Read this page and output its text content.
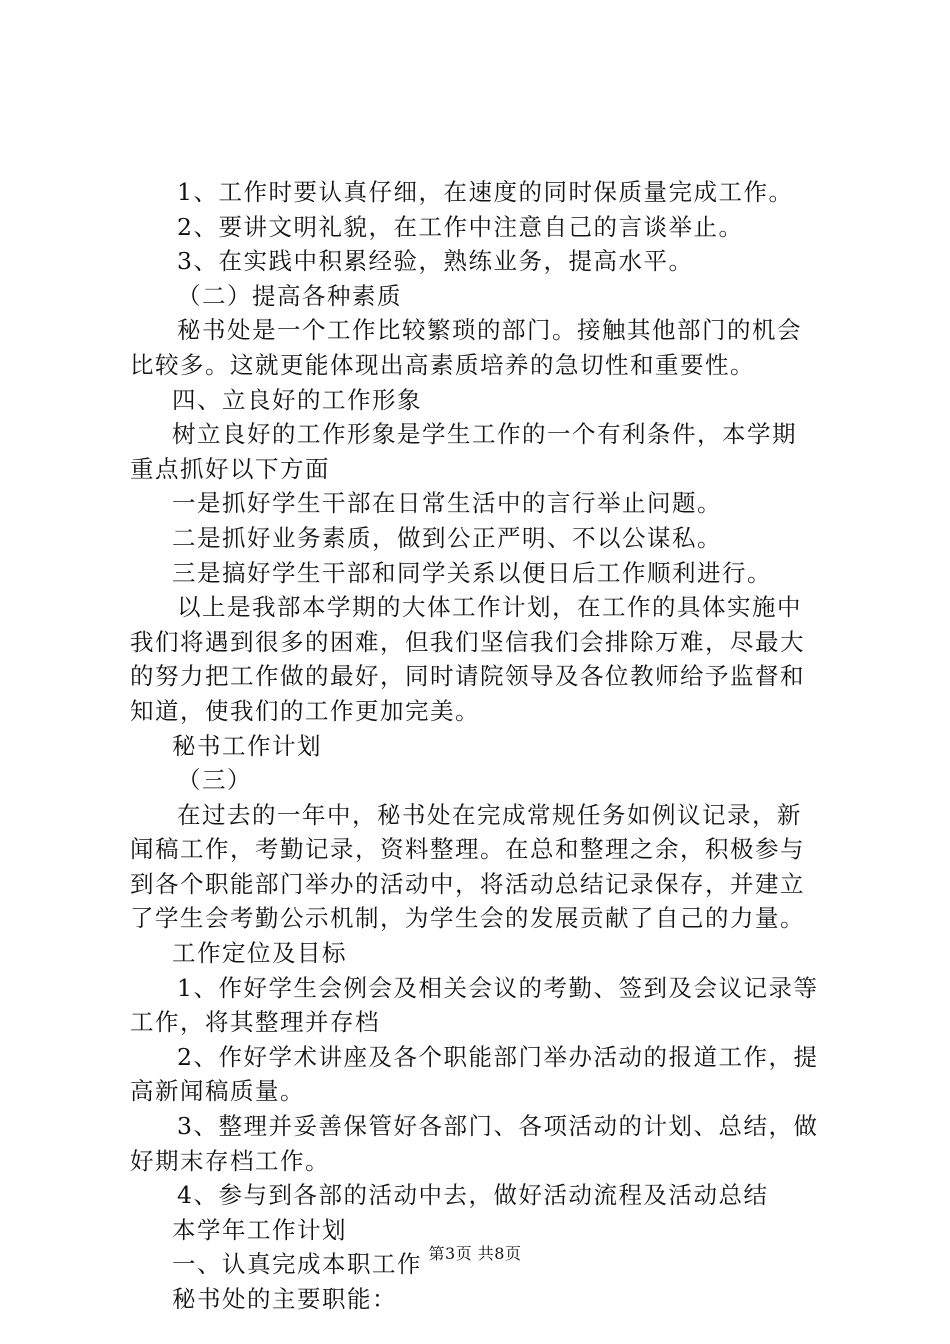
1、工作时要认真仔细，在速度的同时保质量完成工作。
2、要讲文明礼貌，在工作中注意自己的言谈举止。
3、在实践中积累经验，熟练业务，提高水平。
（二）提高各种素质
秘书处是一个工作比较繁琐的部门。接触其他部门的机会
比较多。这就更能体现出高素质培养的急切性和重要性。
四、立良好的工作形象
树立良好的工作形象是学生工作的一个有利条件，本学期
重点抓好以下方面
一是抓好学生干部在日常生活中的言行举止问题。
二是抓好业务素质，做到公正严明、不以公谋私。
三是搞好学生干部和同学关系以便日后工作顺利进行。
以上是我部本学期的大体工作计划，在工作的具体实施中
我们将遇到很多的困难，但我们坚信我们会排除万难，尽最大
的努力把工作做的最好，同时请院领导及各位教师给予监督和
知道，使我们的工作更加完美。
秘书工作计划
（三）
在过去的一年中，秘书处在完成常规任务如例议记录，新
闻稿工作，考勤记录，资料整理。在总和整理之余，积极参与
到各个职能部门举办的活动中，将活动总结记录保存，并建立
了学生会考勤公示机制，为学生会的发展贡献了自己的力量。
工作定位及目标
1、作好学生会例会及相关会议的考勤、签到及会议记录等
工作，将其整理并存档
2、作好学术讲座及各个职能部门举办活动的报道工作，提
高新闻稿质量。
3、整理并妥善保管好各部门、各项活动的计划、总结，做
好期末存档工作。
4、参与到各部的活动中去，做好活动流程及活动总结
本学年工作计划
一、认真完成本职工作
秘书处的主要职能：
第3页 共8页
